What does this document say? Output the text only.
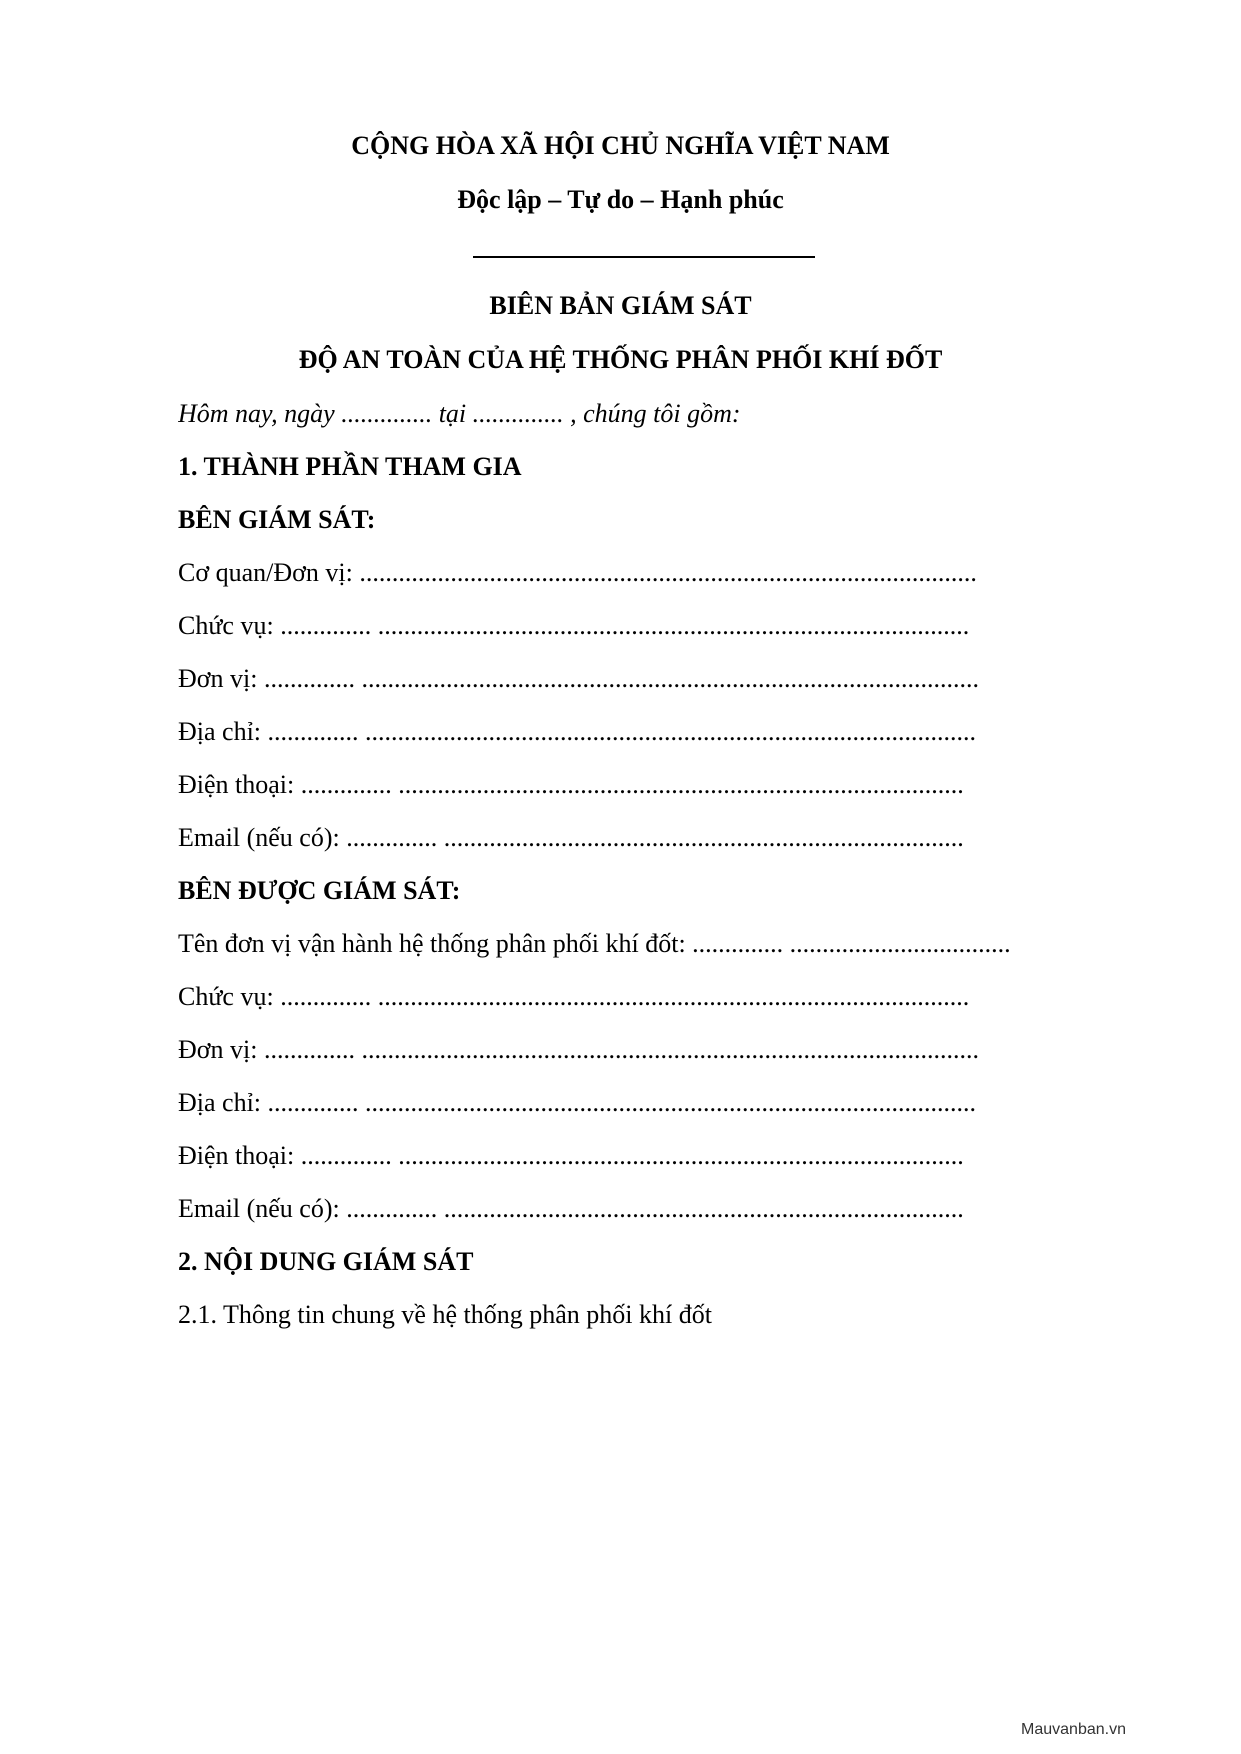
CỘNG HÒA XÃ HỘI CHỦ NGHĨA VIỆT NAM
Độc lập – Tự do – Hạnh phúc
BIÊN BẢN GIÁM SÁT
ĐỘ AN TOÀN CỦA HỆ THỐNG PHÂN PHỐI KHÍ ĐỐT
Hôm nay, ngày .............. tại .............. , chúng tôi gồm:
1. THÀNH PHẦN THAM GIA
BÊN GIÁM SÁT:
Cơ quan/Đơn vị: ...............................................................................................
Chức vụ: .............. ...........................................................................................
Đơn vị: .............. ...............................................................................................
Địa chỉ: .............. ..............................................................................................
Điện thoại: .............. .......................................................................................
Email (nếu có): .............. ................................................................................
BÊN ĐƯỢC GIÁM SÁT:
Tên đơn vị vận hành hệ thống phân phối khí đốt: .............. ..................................
Chức vụ: .............. ...........................................................................................
Đơn vị: .............. ...............................................................................................
Địa chỉ: .............. ..............................................................................................
Điện thoại: .............. .......................................................................................
Email (nếu có): .............. ................................................................................
2. NỘI DUNG GIÁM SÁT
2.1. Thông tin chung về hệ thống phân phối khí đốt
Mauvanban.vn
